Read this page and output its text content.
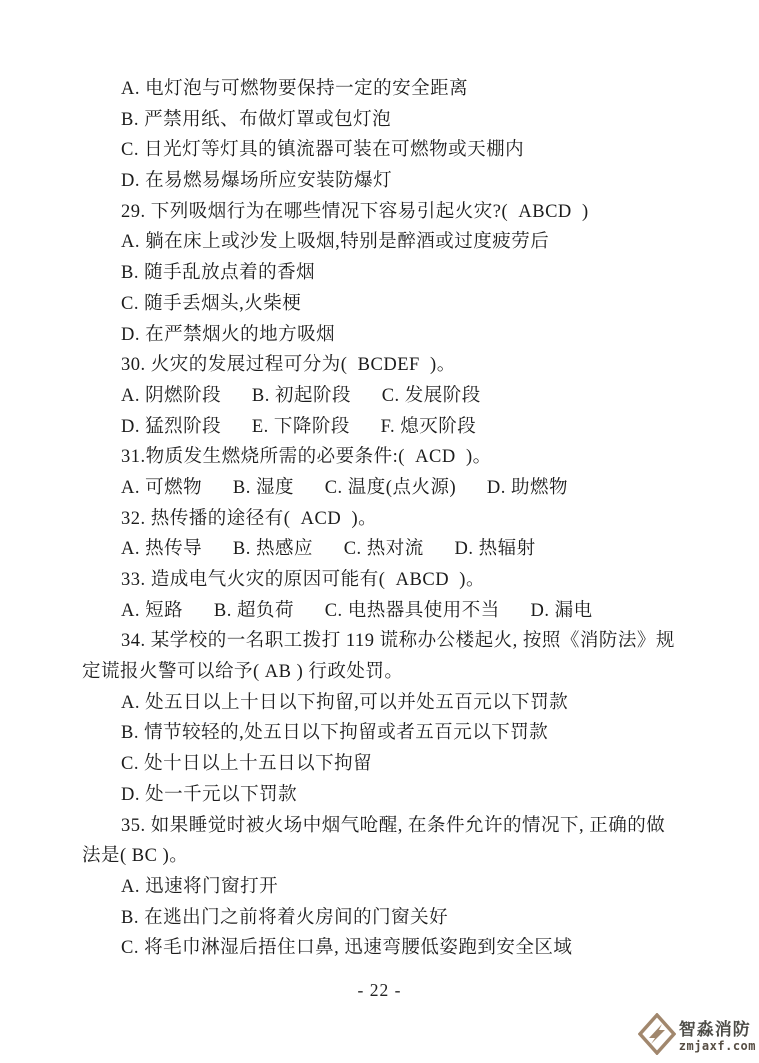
A. 电灯泡与可燃物要保持一定的安全距离
B. 严禁用纸、布做灯罩或包灯泡
C. 日光灯等灯具的镇流器可装在可燃物或天棚内
D. 在易燃易爆场所应安装防爆灯
29. 下列吸烟行为在哪些情况下容易引起火灾?(  ABCD  )
A. 躺在床上或沙发上吸烟,特别是醉酒或过度疲劳后
B. 随手乱放点着的香烟
C. 随手丢烟头,火柴梗
D. 在严禁烟火的地方吸烟
30. 火灾的发展过程可分为(  BCDEF  )。
A. 阴燃阶段      B. 初起阶段      C. 发展阶段
D. 猛烈阶段      E. 下降阶段      F. 熄灭阶段
31.物质发生燃烧所需的必要条件:(  ACD  )。
A. 可燃物      B. 湿度      C. 温度(点火源)      D. 助燃物
32. 热传播的途径有(  ACD  )。
A. 热传导      B. 热感应      C. 热对流      D. 热辐射
33. 造成电气火灾的原因可能有(  ABCD  )。
A. 短路      B. 超负荷      C. 电热器具使用不当      D. 漏电
34. 某学校的一名职工拨打 119 谎称办公楼起火, 按照《消防法》规
定谎报火警可以给予( AB ) 行政处罚。
A. 处五日以上十日以下拘留,可以并处五百元以下罚款
B. 情节较轻的,处五日以下拘留或者五百元以下罚款
C. 处十日以上十五日以下拘留
D. 处一千元以下罚款
35. 如果睡觉时被火场中烟气呛醒, 在条件允许的情况下, 正确的做
法是( BC )。
A. 迅速将门窗打开
B. 在逃出门之前将着火房间的门窗关好
C. 将毛巾淋湿后捂住口鼻, 迅速弯腰低姿跑到安全区域
- 22 -
智淼消防
zmjaxf.com
